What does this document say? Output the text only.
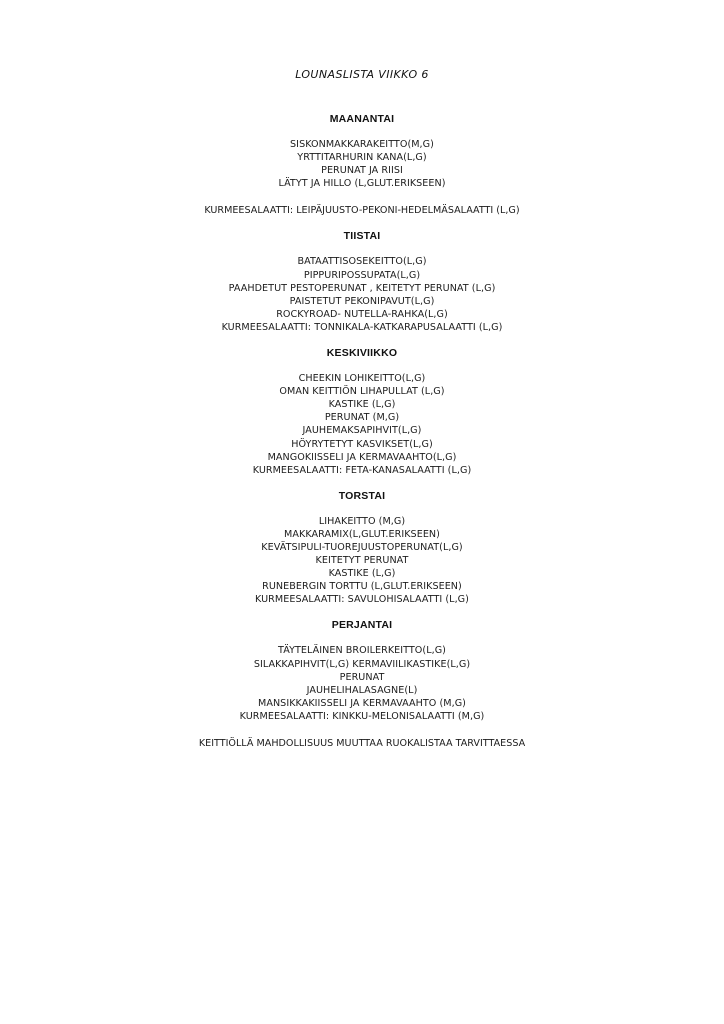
LOUNASLISTA VIIKKO 6
MAANANTAI
SISKONMAKKARAKEITTO(M,G)
YRTTITARHURIN KANA(L,G)
PERUNAT JA RIISI
LÄTYT JA HILLO (L,GLUT.ERIKSEEN)
KURMEESALAATTI: LEIPÄJUUSTO-PEKONI-HEDELMÄSALAATTI (L,G)
TIISTAI
BATAATTISOSEKEITTO(L,G)
PIPPURIPOSSUPATA(L,G)
PAAHDETUT PESTOPERUNAT , KEITETYT PERUNAT (L,G)
PAISTETUT PEKONIPAVUT(L,G)
ROCKYROAD- NUTELLA-RAHKA(L,G)
KURMEESALAATTI: TONNIKALA-KATKARAPUSALAATTI (L,G)
KESKIVIIKKO
CHEEKIN LOHIKEITTO(L,G)
OMAN KEITTIÖN LIHAPULLAT (L,G)
KASTIKE (L,G)
PERUNAT (M,G)
JAUHEMAKSAPIHVIT(L,G)
HÖYRYTETYT KASVIKSET(L,G)
MANGOKIISSELI JA KERMAVAAHTO(L,G)
KURMEESALAATTI: FETA-KANASALAATTI (L,G)
TORSTAI
LIHAKEITTO (M,G)
MAKKARAMIX(L,GLUT.ERIKSEEN)
KEVÄTSIPULI-TUOREJUUSTOPERUNAT(L,G)
KEITETYT PERUNAT
KASTIKE (L,G)
RUNEBERGIN TORTTU (L,GLUT.ERIKSEEN)
KURMEESALAATTI: SAVULOHISALAATTI (L,G)
PERJANTAI
TÄYTELÄINEN BROILERKEITTO(L,G)
SILAKKAPIHVIT(L,G) KERMAVIILIKASTIKE(L,G)
PERUNAT
JAUHELIHALASAGNE(L)
MANSIKKAKIISSELI JA KERMAVAAHTO (M,G)
KURMEESALAATTI: KINKKU-MELONISALAATTI (M,G)
KEITTIÖLLÄ MAHDOLLISUUS MUUTTAA RUOKALISTAA TARVITTAESSA
